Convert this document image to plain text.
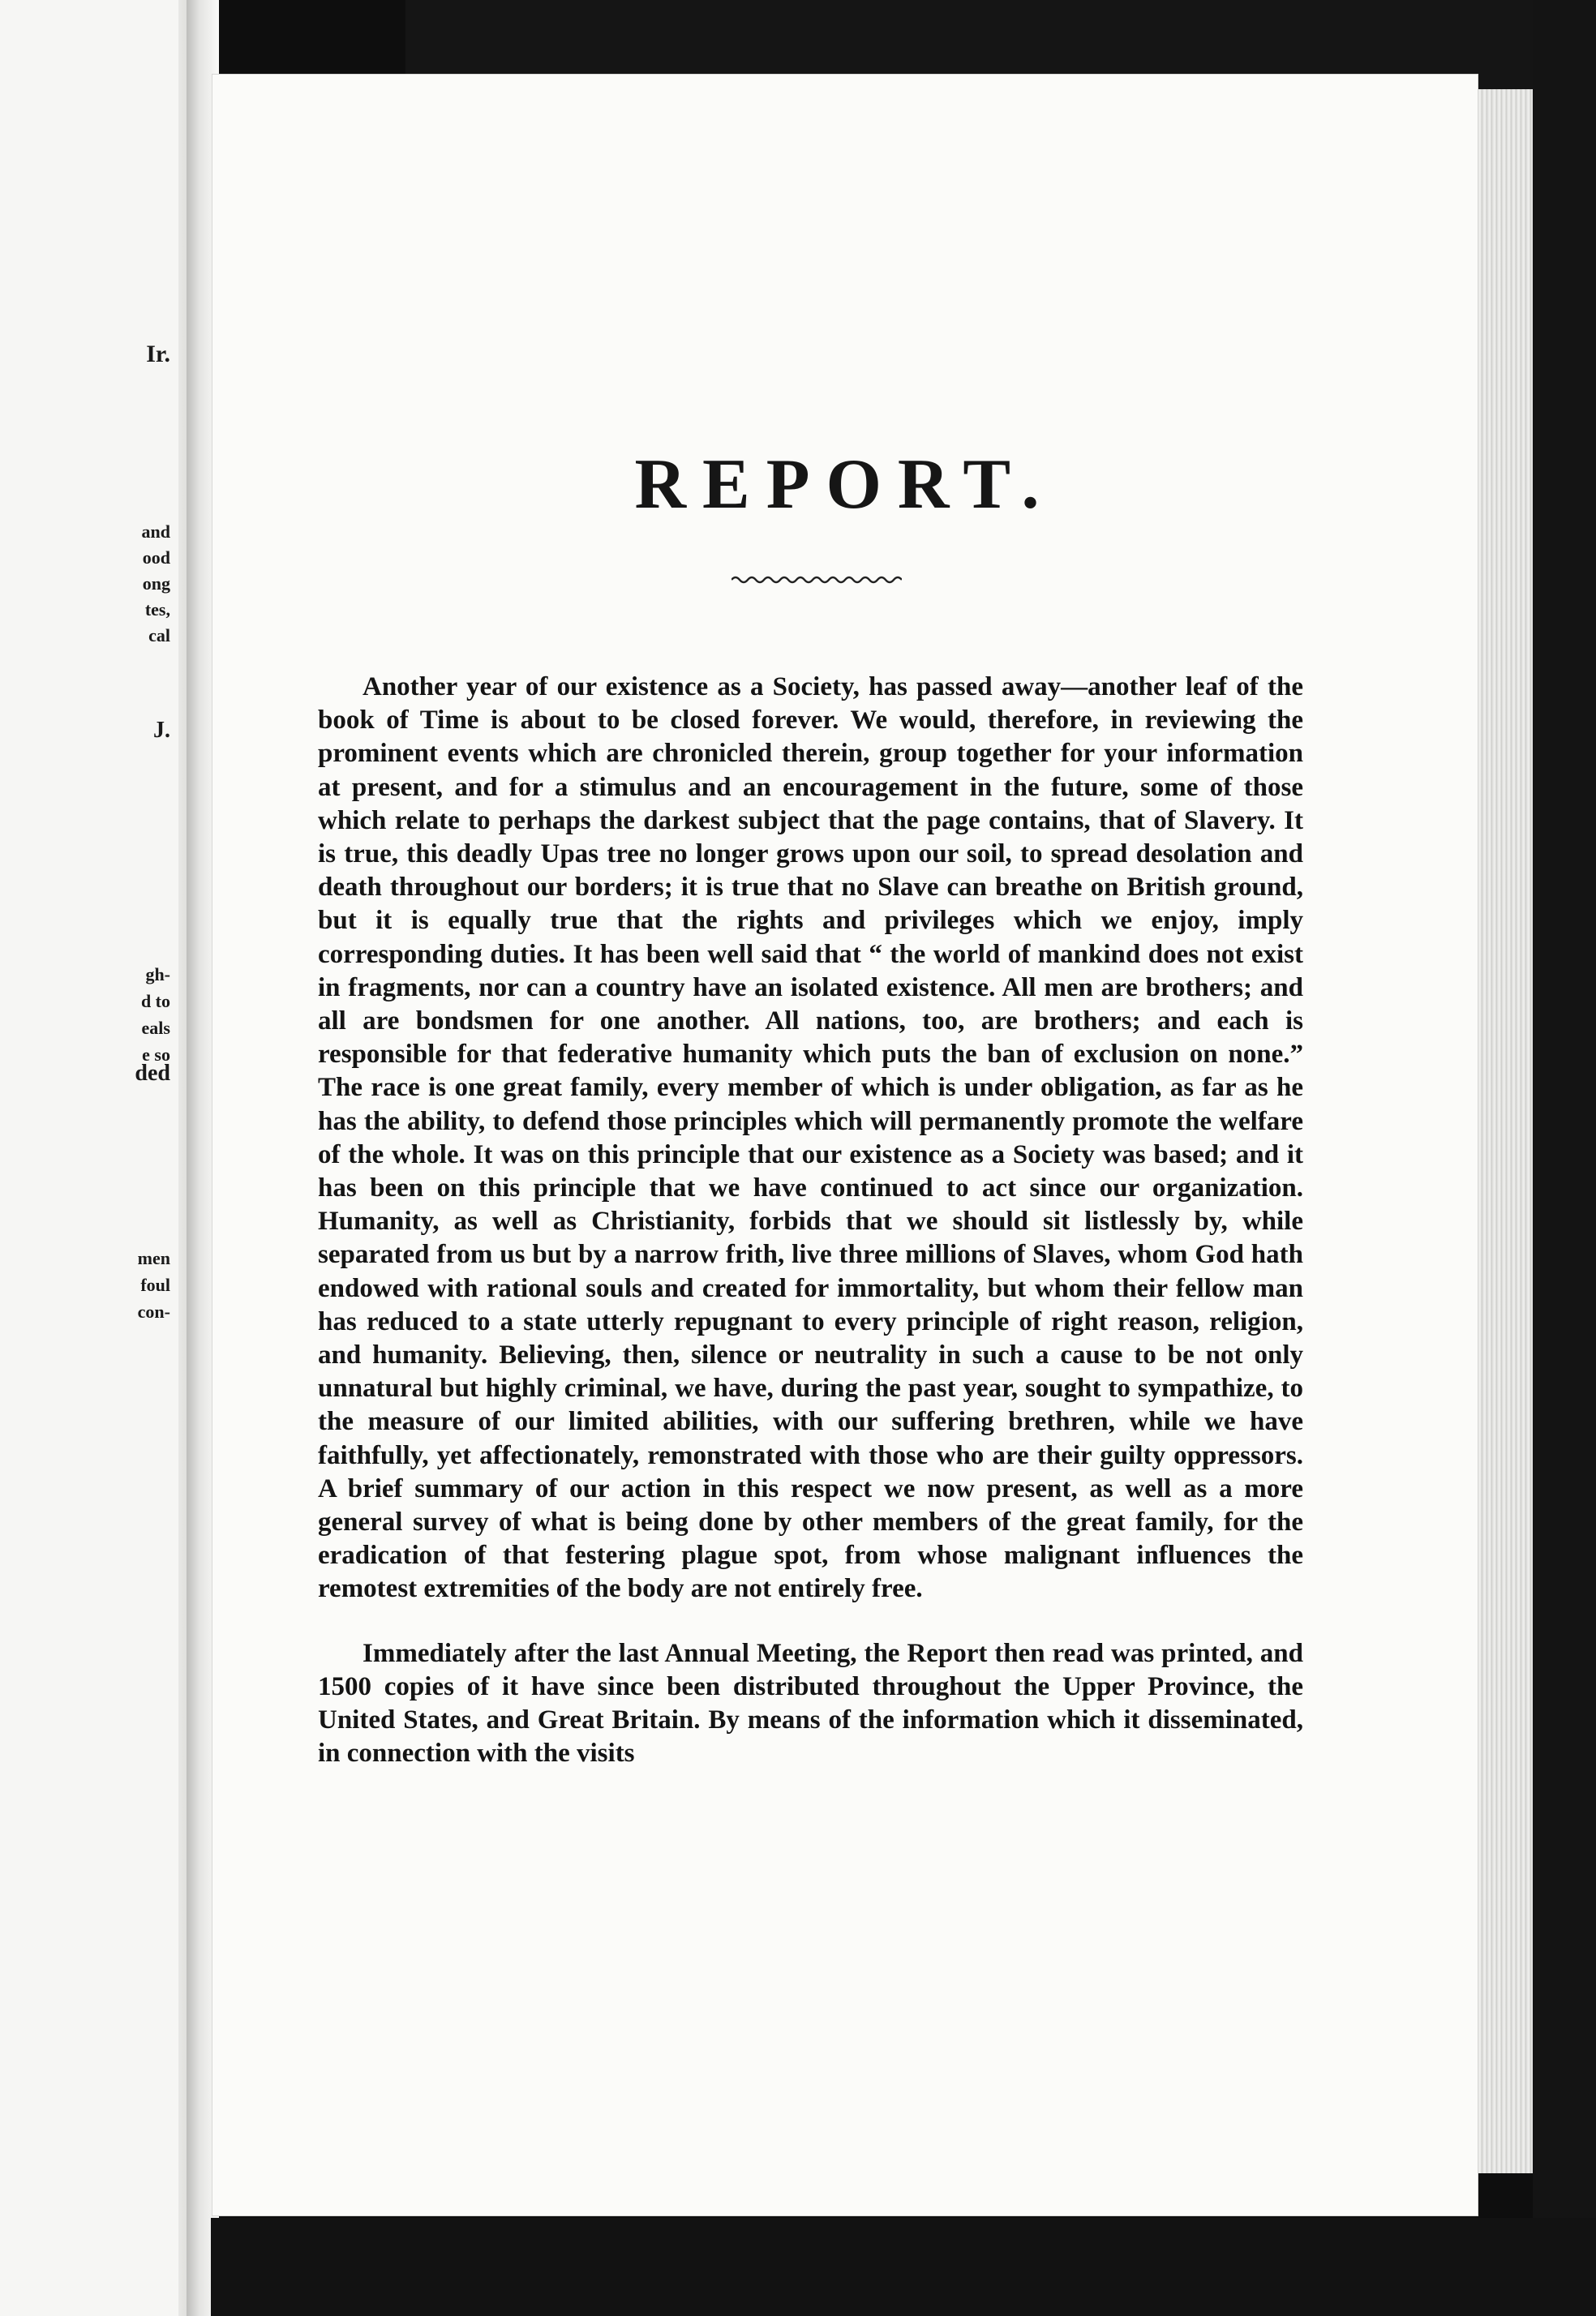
Ir.
and
ood
ong
tes,
cal
J.
gh-
d to
eals
e so
ded
men
foul
con-
REPORT.

Another year of our existence as a Society, has passed away—another leaf of the book of Time is about to be closed forever. We would, therefore, in reviewing the prominent events which are chronicled therein, group together for your information at present, and for a stimulus and an encouragement in the future, some of those which relate to perhaps the darkest subject that the page contains, that of Slavery. It is true, this deadly Upas tree no longer grows upon our soil, to spread desolation and death throughout our borders; it is true that no Slave can breathe on British ground, but it is equally true that the rights and privileges which we enjoy, imply corresponding duties. It has been well said that “ the world of mankind does not exist in fragments, nor can a country have an isolated existence. All men are brothers; and all are bondsmen for one another. All nations, too, are brothers; and each is responsible for that federative humanity which puts the ban of exclusion on none.” The race is one great family, every member of which is under obligation, as far as he has the ability, to defend those principles which will permanently promote the welfare of the whole. It was on this principle that our existence as a Society was based; and it has been on this principle that we have continued to act since our organization. Humanity, as well as Christianity, forbids that we should sit listlessly by, while separated from us but by a narrow frith, live three millions of Slaves, whom God hath endowed with rational souls and created for immortality, but whom their fellow man has reduced to a state utterly repugnant to every principle of right reason, religion, and humanity. Believing, then, silence or neutrality in such a cause to be not only unnatural but highly criminal, we have, during the past year, sought to sympathize, to the measure of our limited abilities, with our suffering brethren, while we have faithfully, yet affectionately, remonstrated with those who are their guilty oppressors. A brief summary of our action in this respect we now present, as well as a more general survey of what is being done by other members of the great family, for the eradication of that festering plague spot, from whose malignant influences the remotest extremities of the body are not entirely free.

Immediately after the last Annual Meeting, the Report then read was printed, and 1500 copies of it have since been distributed throughout the Upper Province, the United States, and Great Britain. By means of the information which it disseminated, in connection with the visits
